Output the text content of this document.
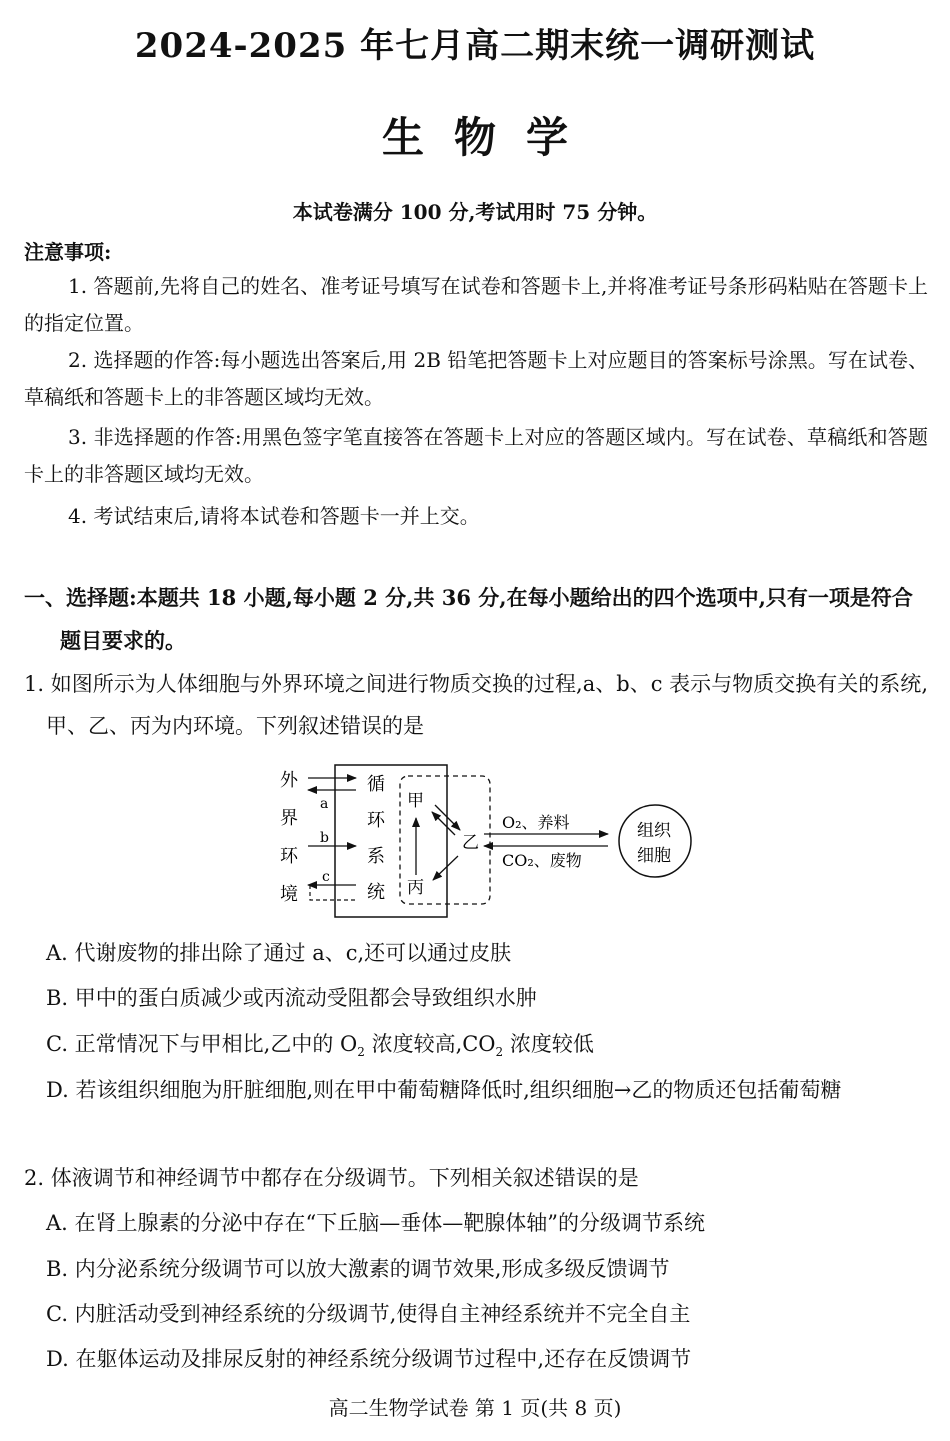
2024-2025 年七月高二期末统一调研测试
生物学
本试卷满分 100 分,考试用时 75 分钟。
注意事项:

1. 答题前,先将自己的姓名、准考证号填写在试卷和答题卡上,并将准考证号条形码粘贴在答题卡上的指定位置。

2. 选择题的作答:每小题选出答案后,用 2B 铅笔把答题卡上对应题目的答案标号涂黑。写在试卷、草稿纸和答题卡上的非答题区域均无效。

3. 非选择题的作答:用黑色签字笔直接答在答题卡上对应的答题区域内。写在试卷、草稿纸和答题卡上的非答题区域均无效。

4. 考试结束后,请将本试卷和答题卡一并上交。

一、选择题:本题共 18 小题,每小题 2 分,共 36 分,在每小题给出的四个选项中,只有一项是符合题目要求的。
1. 如图所示为人体细胞与外界环境之间进行物质交换的过程,a、b、c 表示与物质交换有关的系统,甲、乙、丙为内环境。下列叙述错误的是
外
界
环
境
循
环
系
统
a
b
c
甲
丙
乙
O₂、养料
CO₂、废物
组织
细胞
A. 代谢废物的排出除了通过 a、c,还可以通过皮肤
B. 甲中的蛋白质减少或丙流动受阻都会导致组织水肿
C. 正常情况下与甲相比,乙中的 $O_2$ 浓度较高$,CO_2$ 浓度较低
D. 若该组织细胞为肝脏细胞,则在甲中葡萄糖降低时,组织细胞→乙的物质还包括葡萄糖
2. 体液调节和神经调节中都存在分级调节。下列相关叙述错误的是
A. 在肾上腺素的分泌中存在“下丘脑—垂体—靶腺体轴”的分级调节系统
B. 内分泌系统分级调节可以放大激素的调节效果,形成多级反馈调节
C. 内脏活动受到神经系统的分级调节,使得自主神经系统并不完全自主
D. 在躯体运动及排尿反射的神经系统分级调节过程中,还存在反馈调节
高二生物学试卷 第 1 页(共 8 页)
